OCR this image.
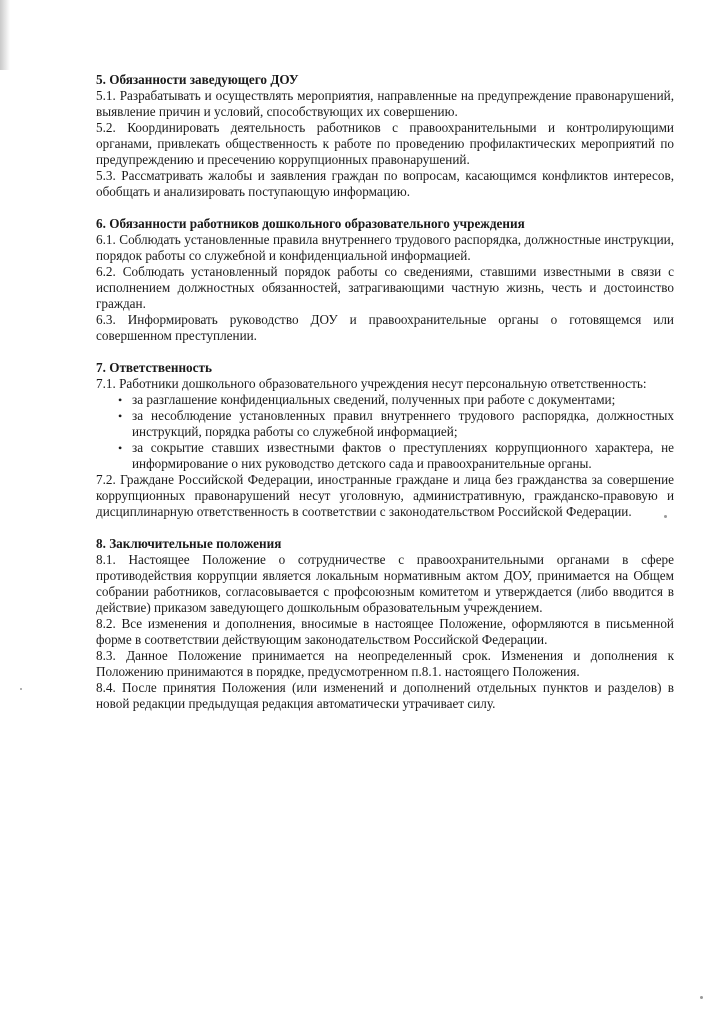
5. Обязанности заведующего ДОУ

5.1. Разрабатывать и осуществлять мероприятия, направленные на предупреждение правонарушений, выявление причин и условий, способствующих их совершению.

5.2. Координировать деятельность работников с правоохранительными и контролирующими органами, привлекать общественность к работе по проведению профилактических мероприятий по предупреждению и пресечению коррупционных правонарушений.

5.3. Рассматривать жалобы и заявления граждан по вопросам, касающимся конфликтов интересов, обобщать и анализировать поступающую информацию.

6. Обязанности работников дошкольного образовательного учреждения

6.1. Соблюдать установленные правила внутреннего трудового распорядка, должностные инструкции, порядок работы со служебной и конфиденциальной информацией.

6.2. Соблюдать установленный порядок работы со сведениями, ставшими известными в связи с исполнением должностных обязанностей, затрагивающими частную жизнь, честь и достоинство граждан.

6.3. Информировать руководство ДОУ и правоохранительные органы о готовящемся или совершенном преступлении.

7. Ответственность

7.1. Работники дошкольного образовательного учреждения несут персональную ответственность:

• за разглашение конфиденциальных сведений, полученных при работе с документами;
• за несоблюдение установленных правил внутреннего трудового распорядка, должностных инструкций, порядка работы со служебной информацией;
• за сокрытие ставших известными фактов о преступлениях коррупционного характера, не информирование о них руководство детского сада и правоохранительные органы.

7.2. Граждане Российской Федерации, иностранные граждане и лица без гражданства за совершение коррупционных правонарушений несут уголовную, административную, гражданско-правовую и дисциплинарную ответственность в соответствии с законодательством Российской Федерации.

8. Заключительные положения

8.1. Настоящее Положение о сотрудничестве с правоохранительными органами в сфере противодействия коррупции является локальным нормативным актом ДОУ, принимается на Общем собрании работников, согласовывается с профсоюзным комитетом и утверждается (либо вводится в действие) приказом заведующего дошкольным образовательным учреждением.

8.2. Все изменения и дополнения, вносимые в настоящее Положение, оформляются в письменной форме в соответствии действующим законодательством Российской Федерации.

8.3. Данное Положение принимается на неопределенный срок. Изменения и дополнения к Положению принимаются в порядке, предусмотренном п.8.1. настоящего Положения.

8.4. После принятия Положения (или изменений и дополнений отдельных пунктов и разделов) в новой редакции предыдущая редакция автоматически утрачивает силу.
